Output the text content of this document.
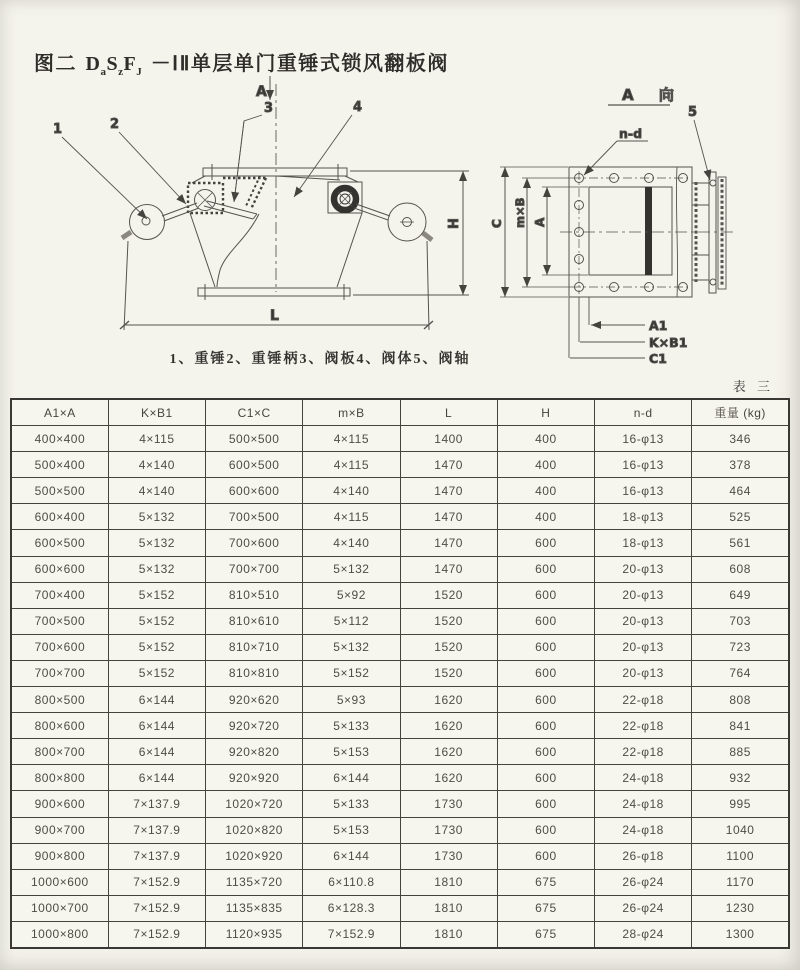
图二 $D_aS_zF_J$ －ⅠⅡ单层单门重锤式锁风翻板阀
A
1	2
3	4
H
L
A 向
5
n-d
C m×B A
A1
K×B1
C1
1、重锤2、重锤柄3、阀板4、阀体5、阀轴
表 三
A1×A	K×B1	C1×C	m×B	L	H	n-d	重量 (kg)
400×400	4×115	500×500	4×115	1400	400	16-φ13	346
500×400	4×140	600×500	4×115	1470	400	16-φ13	378
500×500	4×140	600×600	4×140	1470	400	16-φ13	464
600×400	5×132	700×500	4×115	1470	400	18-φ13	525
600×500	5×132	700×600	4×140	1470	600	18-φ13	561
600×600	5×132	700×700	5×132	1470	600	20-φ13	608
700×400	5×152	810×510	5×92	1520	600	20-φ13	649
700×500	5×152	810×610	5×112	1520	600	20-φ13	703
700×600	5×152	810×710	5×132	1520	600	20-φ13	723
700×700	5×152	810×810	5×152	1520	600	20-φ13	764
800×500	6×144	920×620	5×93	1620	600	22-φ18	808
800×600	6×144	920×720	5×133	1620	600	22-φ18	841
800×700	6×144	920×820	5×153	1620	600	22-φ18	885
800×800	6×144	920×920	6×144	1620	600	24-φ18	932
900×600	7×137.9	1020×720	5×133	1730	600	24-φ18	995
900×700	7×137.9	1020×820	5×153	1730	600	24-φ18	1040
900×800	7×137.9	1020×920	6×144	1730	600	26-φ18	1100
1000×600	7×152.9	1135×720	6×110.8	1810	675	26-φ24	1170
1000×700	7×152.9	1135×835	6×128.3	1810	675	26-φ24	1230
1000×800	7×152.9	1120×935	7×152.9	1810	675	28-φ24	1300
